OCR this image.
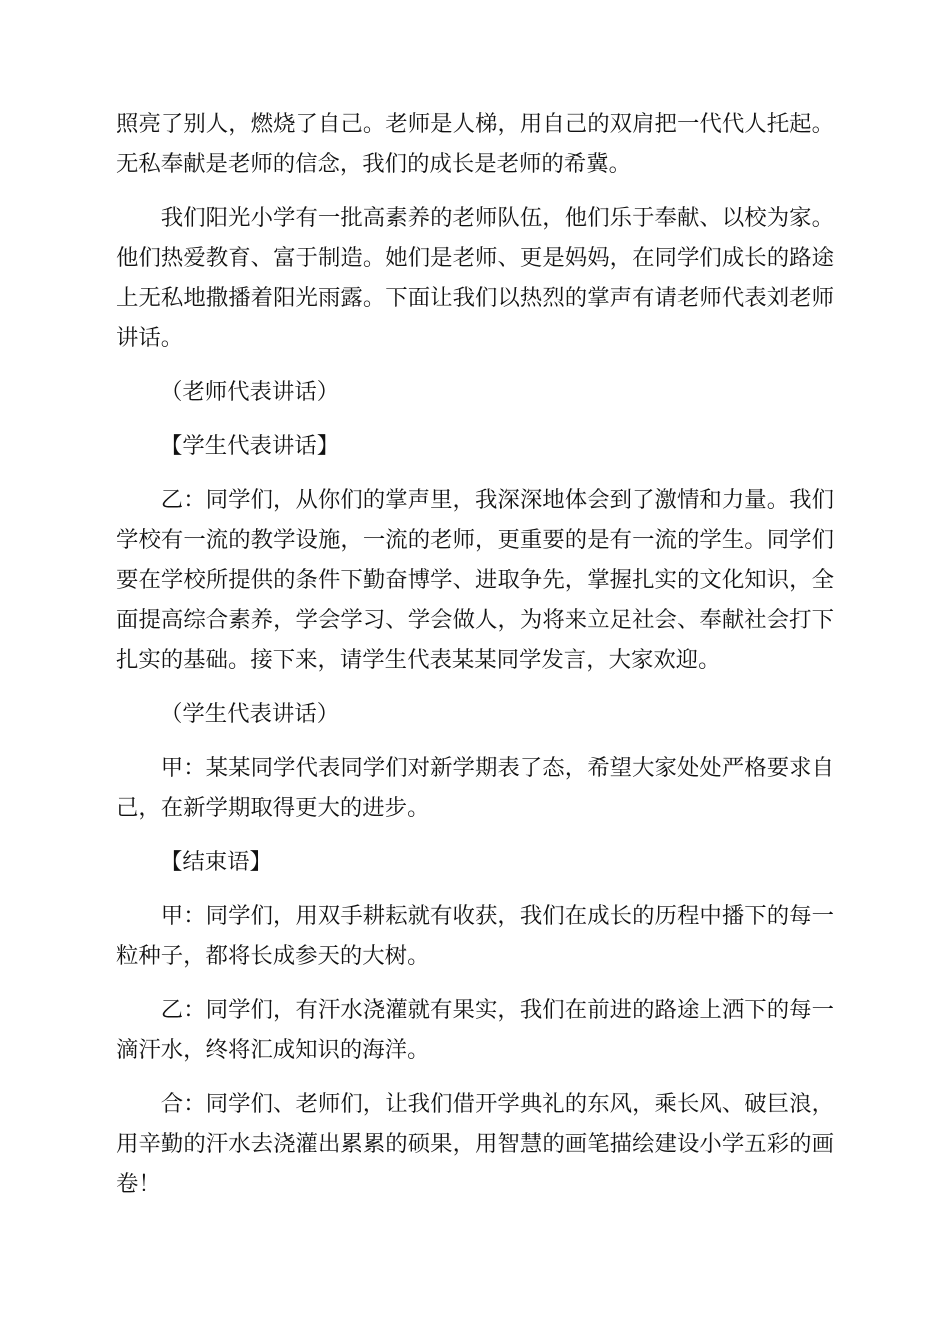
照亮了别人，燃烧了自己。老师是人梯，用自己的双肩把一代代人托起。无私奉献是老师的信念，我们的成长是老师的希冀。

我们阳光小学有一批高素养的老师队伍，他们乐于奉献、以校为家。他们热爱教育、富于制造。她们是老师、更是妈妈，在同学们成长的路途上无私地撒播着阳光雨露。下面让我们以热烈的掌声有请老师代表刘老师讲话。

（老师代表讲话）

【学生代表讲话】

乙：同学们，从你们的掌声里，我深深地体会到了激情和力量。我们学校有一流的教学设施，一流的老师，更重要的是有一流的学生。同学们要在学校所提供的条件下勤奋博学、进取争先，掌握扎实的文化知识，全面提高综合素养，学会学习、学会做人，为将来立足社会、奉献社会打下扎实的基础。接下来，请学生代表某某同学发言，大家欢迎。

（学生代表讲话）

甲：某某同学代表同学们对新学期表了态，希望大家处处严格要求自己，在新学期取得更大的进步。

【结束语】

甲：同学们，用双手耕耘就有收获，我们在成长的历程中播下的每一粒种子，都将长成参天的大树。

乙：同学们，有汗水浇灌就有果实，我们在前进的路途上洒下的每一滴汗水，终将汇成知识的海洋。

合：同学们、老师们，让我们借开学典礼的东风，乘长风、破巨浪，用辛勤的汗水去浇灌出累累的硕果，用智慧的画笔描绘建设小学五彩的画卷！
